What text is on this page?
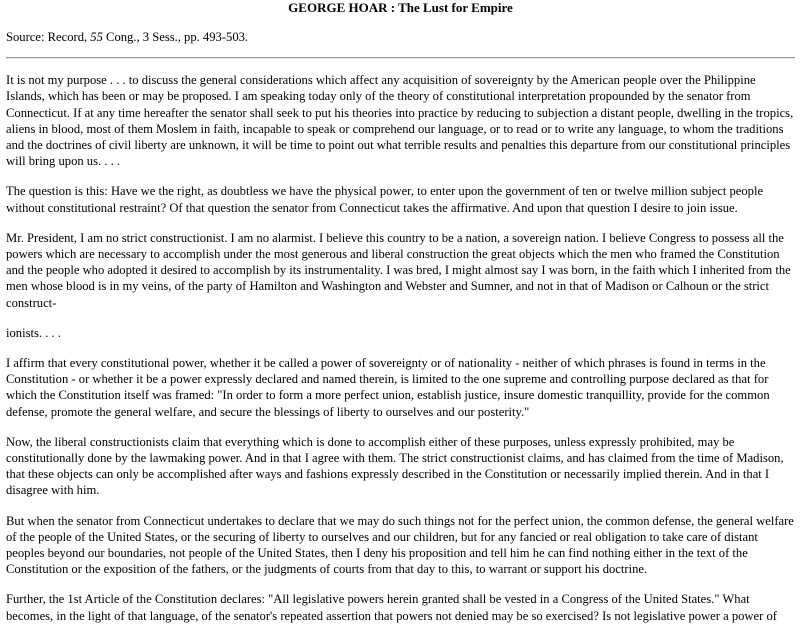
GEORGE HOAR : The Lust for Empire
Source: Record, 55 Cong., 3 Sess., pp. 493-503.

It is not my purpose . . . to discuss the general considerations which affect any acquisition of sovereignty by the American people over the Philippine Islands, which has been or may be proposed. I am speaking today only of the theory of constitutional interpretation propounded by the senator from Connecticut. If at any time hereafter the senator shall seek to put his theories into practice by reducing to subjection a distant people, dwelling in the tropics, aliens in blood, most of them Moslem in faith, incapable to speak or comprehend our language, or to read or to write any language, to whom the traditions and the doctrines of civil liberty are unknown, it will be time to point out what terrible results and penalties this departure from our constitutional principles will bring upon us. . . .

The question is this: Have we the right, as doubtless we have the physical power, to enter upon the government of ten or twelve million subject people without constitutional restraint? Of that question the senator from Connecticut takes the affirmative. And upon that question I desire to join issue.

Mr. President, I am no strict constructionist. I am no alarmist. I believe this country to be a nation, a sovereign nation. I believe Congress to possess all the powers which are necessary to accomplish under the most generous and liberal construction the great objects which the men who framed the Constitution and the people who adopted it desired to accomplish by its instrumentality. I was bred, I might almost say I was born, in the faith which I inherited from the men whose blood is in my veins, of the party of Hamilton and Washington and Webster and Sumner, and not in that of Madison or Calhoun or the strict construct-

ionists. . . .

I affirm that every constitutional power, whether it be called a power of sovereignty or of nationality - neither of which phrases is found in terms in the Constitution - or whether it be a power expressly declared and named therein, is limited to the one supreme and controlling purpose declared as that for which the Constitution itself was framed: "In order to form a more perfect union, establish justice, insure domestic tranquillity, provide for the common defense, promote the general welfare, and secure the blessings of liberty to ourselves and our posterity."

Now, the liberal constructionists claim that everything which is done to accomplish either of these purposes, unless expressly prohibited, may be constitutionally done by the lawmaking power. And in that I agree with them. The strict constructionist claims, and has claimed from the time of Madison, that these objects can only be accomplished after ways and fashions expressly described in the Constitution or necessarily implied therein. And in that I disagree with him.

But when the senator from Connecticut undertakes to declare that we may do such things not for the perfect union, the common defense, the general welfare of the people of the United States, or the securing of liberty to ourselves and our children, but for any fancied or real obligation to take care of distant peoples beyond our boundaries, not people of the United States, then I deny his proposition and tell him he can find nothing either in the text of the Constitution or the exposition of the fathers, or the judgments of courts from that day to this, to warrant or support his doctrine.

Further, the 1st Article of the Constitution declares: "All legislative powers herein granted shall be vested in a Congress of the United States." What becomes, in the light of that language, of the senator's repeated assertion that powers not denied may be so exercised? Is not legislative power a power of
